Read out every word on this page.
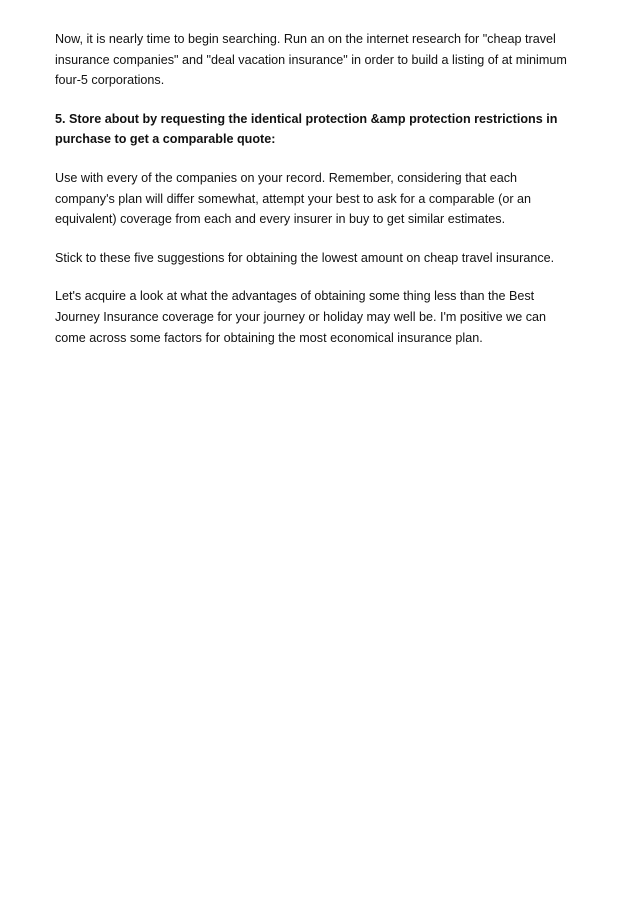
Now, it is nearly time to begin searching. Run an on the internet research for "cheap travel
insurance companies" and "deal vacation insurance" in order to build a listing of at minimum
four-5 corporations.

5. Store about by requesting the identical protection &amp protection restrictions in
purchase to get a comparable quote:

Use with every of the companies on your record. Remember, considering that each
company's plan will differ somewhat, attempt your best to ask for a comparable (or an
equivalent) coverage from each and every insurer in buy to get similar estimates.

Stick to these five suggestions for obtaining the lowest amount on cheap travel insurance.

Let's acquire a look at what the advantages of obtaining some thing less than the Best
Journey Insurance coverage for your journey or holiday may well be. I'm positive we can
come across some factors for obtaining the most economical insurance plan.
